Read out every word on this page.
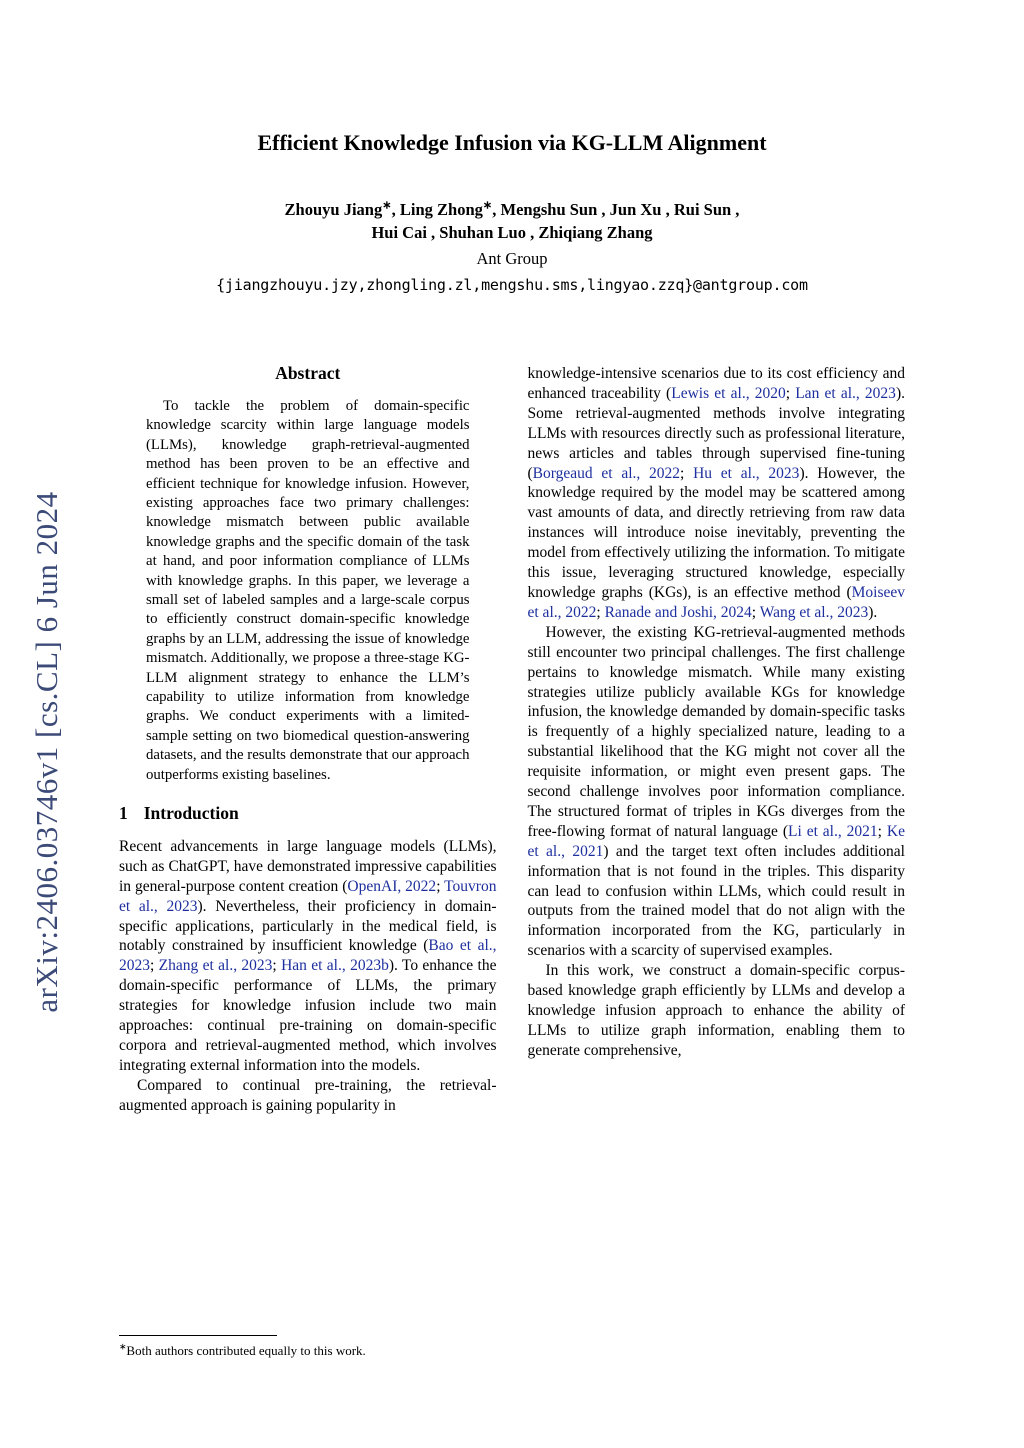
arXiv:2406.03746v1 [cs.CL] 6 Jun 2024
Efficient Knowledge Infusion via KG-LLM Alignment
Zhouyu Jiang∗, Ling Zhong∗, Mengshu Sun , Jun Xu , Rui Sun ,
Hui Cai , Shuhan Luo , Zhiqiang Zhang
Ant Group
{jiangzhouyu.jzy,zhongling.zl,mengshu.sms,lingyao.zzq}@antgroup.com
Abstract

To tackle the problem of domain-specific knowledge scarcity within large language models (LLMs), knowledge graph-retrieval-augmented method has been proven to be an effective and efficient technique for knowledge infusion. However, existing approaches face two primary challenges: knowledge mismatch between public available knowledge graphs and the specific domain of the task at hand, and poor information compliance of LLMs with knowledge graphs. In this paper, we leverage a small set of labeled samples and a large-scale corpus to efficiently construct domain-specific knowledge graphs by an LLM, addressing the issue of knowledge mismatch. Additionally, we propose a three-stage KG-LLM alignment strategy to enhance the LLM’s capability to utilize information from knowledge graphs. We conduct experiments with a limited-sample setting on two biomedical question-answering datasets, and the results demonstrate that our approach outperforms existing baselines.

1 Introduction

Recent advancements in large language models (LLMs), such as ChatGPT, have demonstrated impressive capabilities in general-purpose content creation (OpenAI, 2022; Touvron et al., 2023). Nevertheless, their proficiency in domain-specific applications, particularly in the medical field, is notably constrained by insufficient knowledge (Bao et al., 2023; Zhang et al., 2023; Han et al., 2023b). To enhance the domain-specific performance of LLMs, the primary strategies for knowledge infusion include two main approaches: continual pre-training on domain-specific corpora and retrieval-augmented method, which involves integrating external information into the models.

Compared to continual pre-training, the retrieval-augmented approach is gaining popularity in

∗Both authors contributed equally to this work.

knowledge-intensive scenarios due to its cost efficiency and enhanced traceability (Lewis et al., 2020; Lan et al., 2023). Some retrieval-augmented methods involve integrating LLMs with resources directly such as professional literature, news articles and tables through supervised fine-tuning (Borgeaud et al., 2022; Hu et al., 2023). However, the knowledge required by the model may be scattered among vast amounts of data, and directly retrieving from raw data instances will introduce noise inevitably, preventing the model from effectively utilizing the information. To mitigate this issue, leveraging structured knowledge, especially knowledge graphs (KGs), is an effective method (Moiseev et al., 2022; Ranade and Joshi, 2024; Wang et al., 2023).

However, the existing KG-retrieval-augmented methods still encounter two principal challenges. The first challenge pertains to knowledge mismatch. While many existing strategies utilize publicly available KGs for knowledge infusion, the knowledge demanded by domain-specific tasks is frequently of a highly specialized nature, leading to a substantial likelihood that the KG might not cover all the requisite information, or might even present gaps. The second challenge involves poor information compliance. The structured format of triples in KGs diverges from the free-flowing format of natural language (Li et al., 2021; Ke et al., 2021) and the target text often includes additional information that is not found in the triples. This disparity can lead to confusion within LLMs, which could result in outputs from the trained model that do not align with the information incorporated from the KG, particularly in scenarios with a scarcity of supervised examples.

In this work, we construct a domain-specific corpus-based knowledge graph efficiently by LLMs and develop a knowledge infusion approach to enhance the ability of LLMs to utilize graph information, enabling them to generate comprehensive,
